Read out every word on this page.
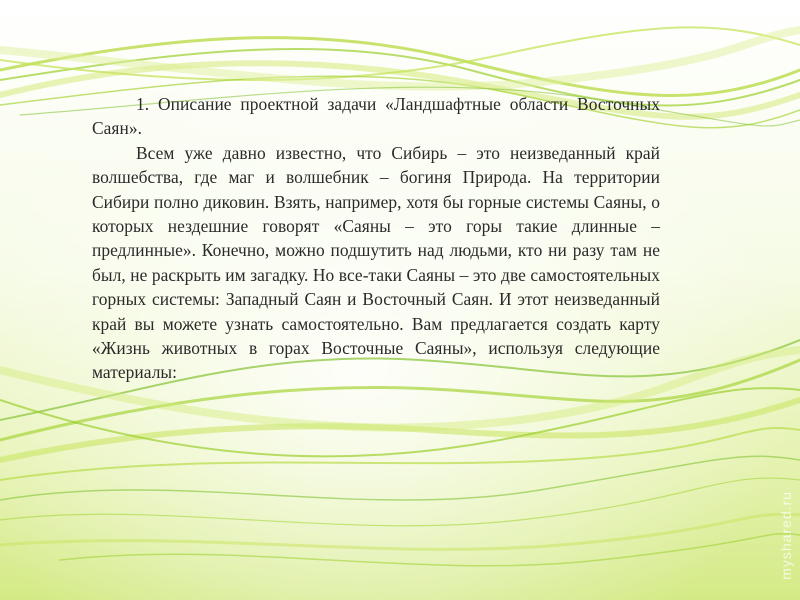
1. Описание проектной задачи «Ландшафтные области Восточных Саян».

Всем уже давно известно, что Сибирь – это неизведанный край волшебства, где маг и волшебник – богиня Природа. На территории Сибири полно диковин. Взять, например, хотя бы горные системы Саяны, о которых нездешние говорят «Саяны – это горы такие длинные – предлинные». Конечно, можно подшутить над людьми, кто ни разу там не был, не раскрыть им загадку. Но все-таки Саяны – это две самостоятельных горных системы: Западный Саян и Восточный Саян. И этот неизведанный край вы можете узнать самостоятельно. Вам предлагается создать карту «Жизнь животных в горах Восточные Саяны», используя следующие материалы:

myshared.ru
